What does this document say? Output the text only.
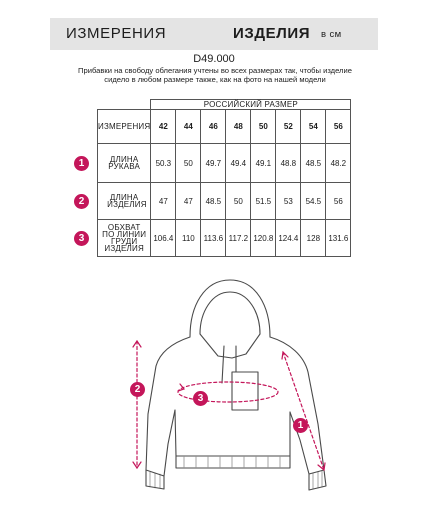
ИЗМЕРЕНИЯ	ИЗДЕЛИЯ в см
D49.000
Прибавки на свободу облегания учтены во всех размерах так, чтобы изделие сидело в любом размере также, как на фото на нашей модели
	РОССИЙСКИЙ РАЗМЕР							
ИЗМЕРЕНИЯ	42	44	46	48	50	52	54	56
ДЛИНА РУКАВА	50.3	50	49.7	49.4	49.1	48.8	48.5	48.2
ДЛИНА ИЗДЕЛИЯ	47	47	48.5	50	51.5	53	54.5	56
ОБХВАТ ПО ЛИНИИ ГРУДИ ИЗДЕЛИЯ	106.4	110	113.6	117.2	120.8	124.4	128	131.6
1
2
3
2
3
1
